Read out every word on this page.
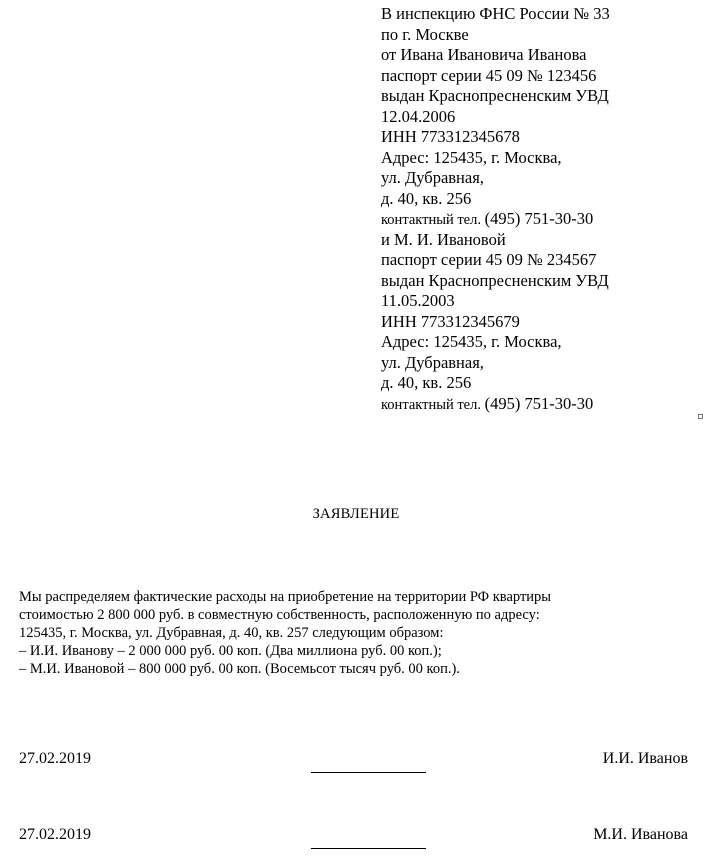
В инспекцию ФНС России № 33
по г. Москве
от Ивана Ивановича Иванова
паспорт серии 45 09 № 123456
выдан Краснопресненским УВД
12.04.2006
ИНН 773312345678
Адрес: 125435, г. Москва,
ул. Дубравная,
д. 40, кв. 256
контактный тел. (495) 751-30-30
и М. И. Ивановой
паспорт серии 45 09 № 234567
выдан Краснопресненским УВД
11.05.2003
ИНН 773312345679
Адрес: 125435, г. Москва,
ул. Дубравная,
д. 40, кв. 256
контактный тел. (495) 751-30-30
ЗАЯВЛЕНИЕ
Мы распределяем фактические расходы на приобретение на территории РФ квартиры
стоимостью 2 800 000 руб. в совместную собственность, расположенную по адресу:
125435, г. Москва, ул. Дубравная, д. 40, кв. 257 следующим образом:
– И.И. Иванову – 2 000 000 руб. 00 коп. (Два миллиона руб. 00 коп.);
– М.И. Ивановой – 800 000 руб. 00 коп. (Восемьсот тысяч руб. 00 коп.).
27.02.2019	И.И. Иванов
27.02.2019	М.И. Иванова
